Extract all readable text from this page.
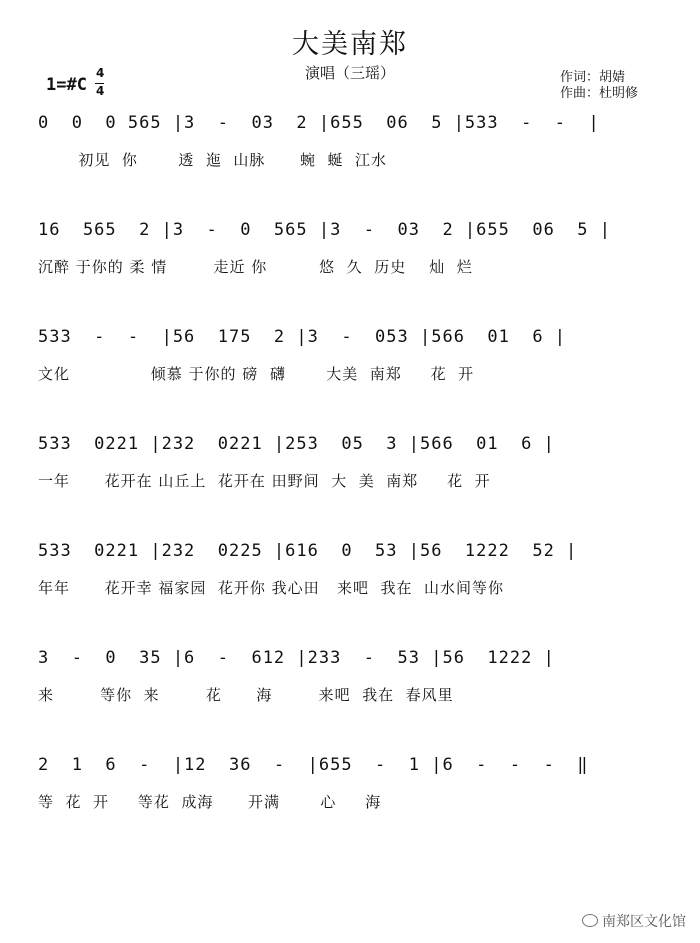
大美南郑
演唱（三瑶）	作词：胡婧
作曲：杜明修
1=#C
4
4
0  0  0 565 |3  -  03  2 |655  06  5 |533  -  -  |
初见  你       透  迤  山脉      蜿  蜒  江水
16  565  2 |3  -  0  565 |3  -  03  2 |655  06  5 |
沉醉 于你的 柔 情        走近 你         悠  久  历史    灿  烂
533  -  -  |56  175  2 |3  -  053 |566  01  6 |
文化              倾慕 于你的 磅  礴       大美  南郑     花  开
533  0221 |232  0221 |253  05  3 |566  01  6 |
一年      花开在 山丘上  花开在 田野间  大  美  南郑     花  开
533  0221 |232  0225 |616  0  53 |56  1222  52 |
年年      花开幸 福家园  花开你 我心田   来吧  我在  山水间等你
3  -  0  35 |6  -  612 |233  -  53 |56  1222 |
来        等你  来        花      海        来吧  我在  春风里
2  1  6  -  |12  36  -  |655  -  1 |6  -  -  -  ‖
等  花  开     等花  成海      开满       心     海
南郑区文化馆
